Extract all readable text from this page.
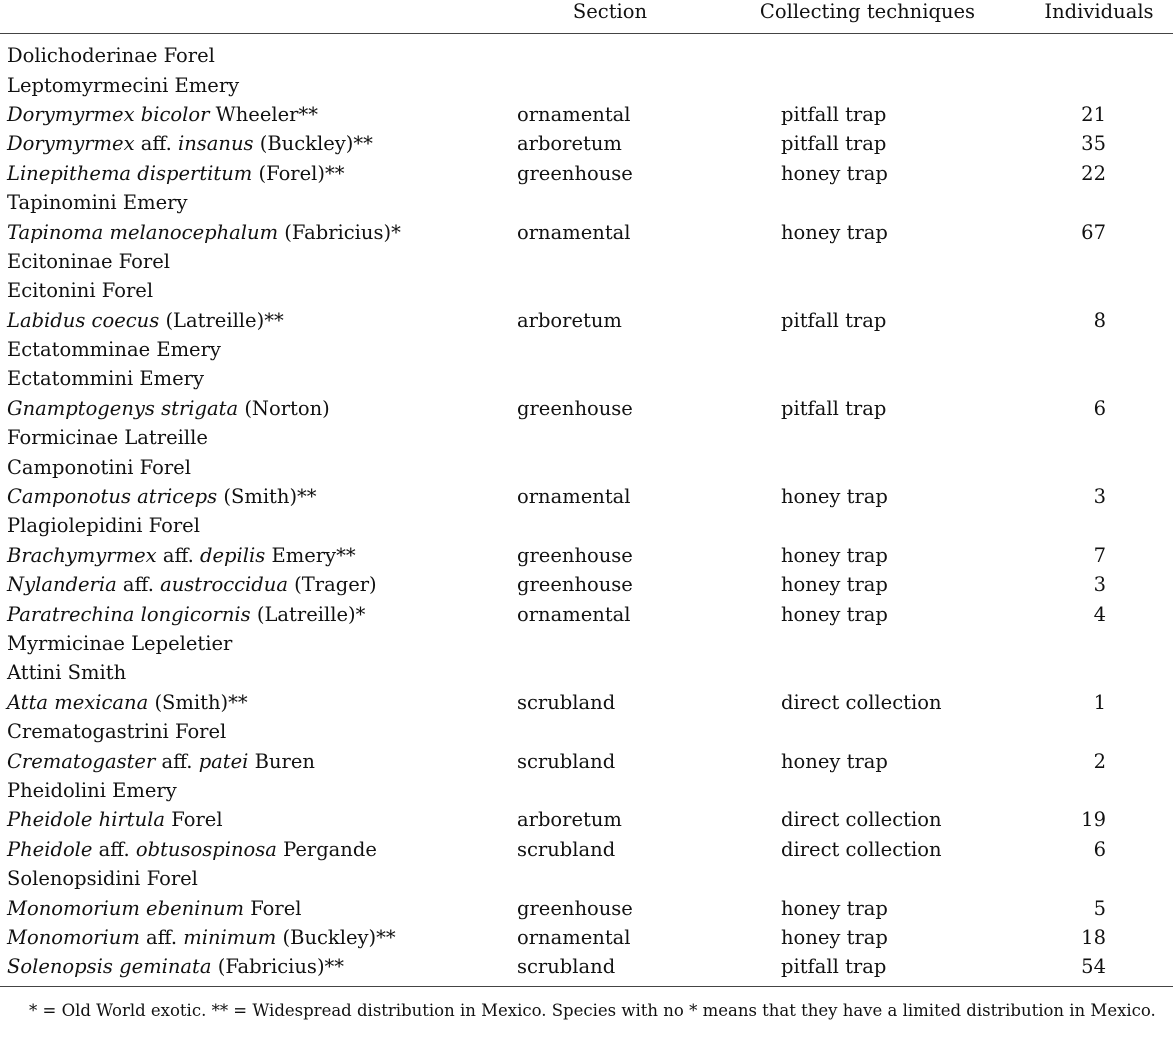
	Section	Collecting techniques	Individuals
Dolichoderinae Forel			
Leptomyrmecini Emery			
Dorymyrmex bicolor Wheeler**	ornamental	pitfall trap	21
Dorymyrmex aff. insanus (Buckley)**	arboretum	pitfall trap	35
Linepithema dispertitum (Forel)**	greenhouse	honey trap	22
Tapinomini Emery			
Tapinoma melanocephalum (Fabricius)*	ornamental	honey trap	67
Ecitoninae Forel			
Ecitonini Forel			
Labidus coecus (Latreille)**	arboretum	pitfall trap	8
Ectatomminae Emery			
Ectatommini Emery			
Gnamptogenys strigata (Norton)	greenhouse	pitfall trap	6
Formicinae Latreille			
Camponotini Forel			
Camponotus atriceps (Smith)**	ornamental	honey trap	3
Plagiolepidini Forel			
Brachymyrmex aff. depilis Emery**	greenhouse	honey trap	7
Nylanderia aff. austroccidua (Trager)	greenhouse	honey trap	3
Paratrechina longicornis (Latreille)*	ornamental	honey trap	4
Myrmicinae Lepeletier			
Attini Smith			
Atta mexicana (Smith)**	scrubland	direct collection	1
Crematogastrini Forel			
Crematogaster aff. patei Buren	scrubland	honey trap	2
Pheidolini Emery			
Pheidole hirtula Forel	arboretum	direct collection	19
Pheidole aff. obtusospinosa Pergande	scrubland	direct collection	6
Solenopsidini Forel			
Monomorium ebeninum Forel	greenhouse	honey trap	5
Monomorium aff. minimum (Buckley)**	ornamental	honey trap	18
Solenopsis geminata (Fabricius)**	scrubland	pitfall trap	54

* = Old World exotic. ** = Widespread distribution in Mexico. Species with no * means that they have a limited distribution in Mexico.
